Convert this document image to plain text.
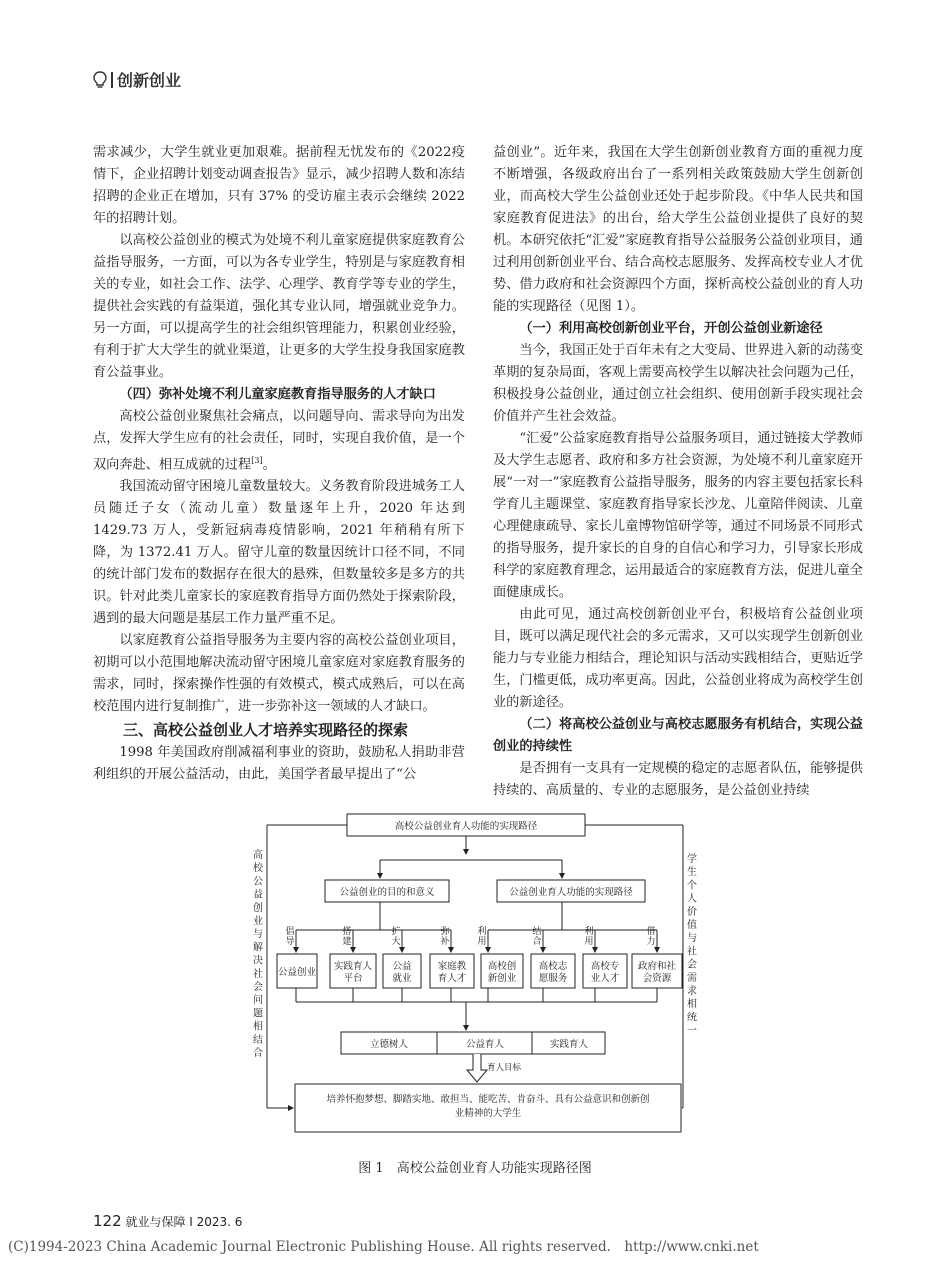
创新创业

需求减少，大学生就业更加艰难。据前程无忧发布的《2022疫情下，企业招聘计划变动调查报告》显示，减少招聘人数和冻结招聘的企业正在增加，只有 37% 的受访雇主表示会继续 2022 年的招聘计划。

以高校公益创业的模式为处境不利儿童家庭提供家庭教育公益指导服务，一方面，可以为各专业学生，特别是与家庭教育相关的专业，如社会工作、法学、心理学、教育学等专业的学生，提供社会实践的有益渠道，强化其专业认同，增强就业竞争力。另一方面，可以提高学生的社会组织管理能力，积累创业经验，有利于扩大大学生的就业渠道，让更多的大学生投身我国家庭教育公益事业。

（四）弥补处境不利儿童家庭教育指导服务的人才缺口

高校公益创业聚焦社会痛点，以问题导向、需求导向为出发点，发挥大学生应有的社会责任，同时，实现自我价值，是一个双向奔赴、相互成就的过程[3]。

我国流动留守困境儿童数量较大。义务教育阶段进城务工人员随迁子女（流动儿童）数量逐年上升，2020 年达到 1429.73 万人，受新冠病毒疫情影响，2021 年稍稍有所下降，为 1372.41 万人。留守儿童的数量因统计口径不同，不同的统计部门发布的数据存在很大的悬殊，但数量较多是多方的共识。针对此类儿童家长的家庭教育指导方面仍然处于探索阶段，遇到的最大问题是基层工作力量严重不足。

以家庭教育公益指导服务为主要内容的高校公益创业项目，初期可以小范围地解决流动留守困境儿童家庭对家庭教育服务的需求，同时，探索操作性强的有效模式，模式成熟后，可以在高校范围内进行复制推广，进一步弥补这一领域的人才缺口。

三、高校公益创业人才培养实现路径的探索

1998 年美国政府削减福利事业的资助，鼓励私人捐助非营利组织的开展公益活动，由此，美国学者最早提出了“公

益创业”。近年来，我国在大学生创新创业教育方面的重视力度不断增强，各级政府出台了一系列相关政策鼓励大学生创新创业，而高校大学生公益创业还处于起步阶段。《中华人民共和国家庭教育促进法》的出台，给大学生公益创业提供了良好的契机。本研究依托“汇爱”家庭教育指导公益服务公益创业项目，通过利用创新创业平台、结合高校志愿服务、发挥高校专业人才优势、借力政府和社会资源四个方面，探析高校公益创业的育人功能的实现路径（见图 1）。

（一）利用高校创新创业平台，开创公益创业新途径

当今，我国正处于百年未有之大变局、世界进入新的动荡变革期的复杂局面，客观上需要高校学生以解决社会问题为己任，积极投身公益创业，通过创立社会组织、使用创新手段实现社会价值并产生社会效益。

“汇爱”公益家庭教育指导公益服务项目，通过链接大学教师及大学生志愿者、政府和多方社会资源，为处境不利儿童家庭开展“一对一”家庭教育公益指导服务，服务的内容主要包括家长科学育儿主题课堂、家庭教育指导家长沙龙、儿童陪伴阅读、儿童心理健康疏导、家长儿童博物馆研学等，通过不同场景不同形式的指导服务，提升家长的自身的自信心和学习力，引导家长形成科学的家庭教育理念，运用最适合的家庭教育方法，促进儿童全面健康成长。

由此可见，通过高校创新创业平台，积极培育公益创业项目，既可以满足现代社会的多元需求，又可以实现学生创新创业能力与专业能力相结合，理论知识与活动实践相结合，更贴近学生，门槛更低，成功率更高。因此，公益创业将成为高校学生创业的新途径。

（二）将高校公益创业与高校志愿服务有机结合，实现公益创业的持续性

是否拥有一支具有一定规模的稳定的志愿者队伍，能够提供持续的、高质量的、专业的志愿服务，是公益创业持续

高校公益创业育人功能的实现路径
公益创业的目的和意义	公益创业育人功能的实现路径
倡
导
搭
建
扩
大
弥
补
利
用
结
合
利
用
借
力
公益创业
实践育人
平台
公益
就业
家庭教
育人才
高校创
新创业
高校志
愿服务
高校专
业人才
政府和社
会资源
立德树人	公益育人	实践育人
育人目标
培养怀抱梦想、脚踏实地、敢担当、能吃苦、肯奋斗、具有公益意识和创新创
业精神的大学生
高
校
公
益
创
业
与
解
决
社
会
问
题
相
结
合
学
生
个
人
价
值
与
社
会
需
求
相
统
一
图 1　高校公益创业育人功能实现路径图
122 就业与保障 I 2023. 6
(C)1994-2023 China Academic Journal Electronic Publishing House. All rights reserved.　http://www.cnki.net
